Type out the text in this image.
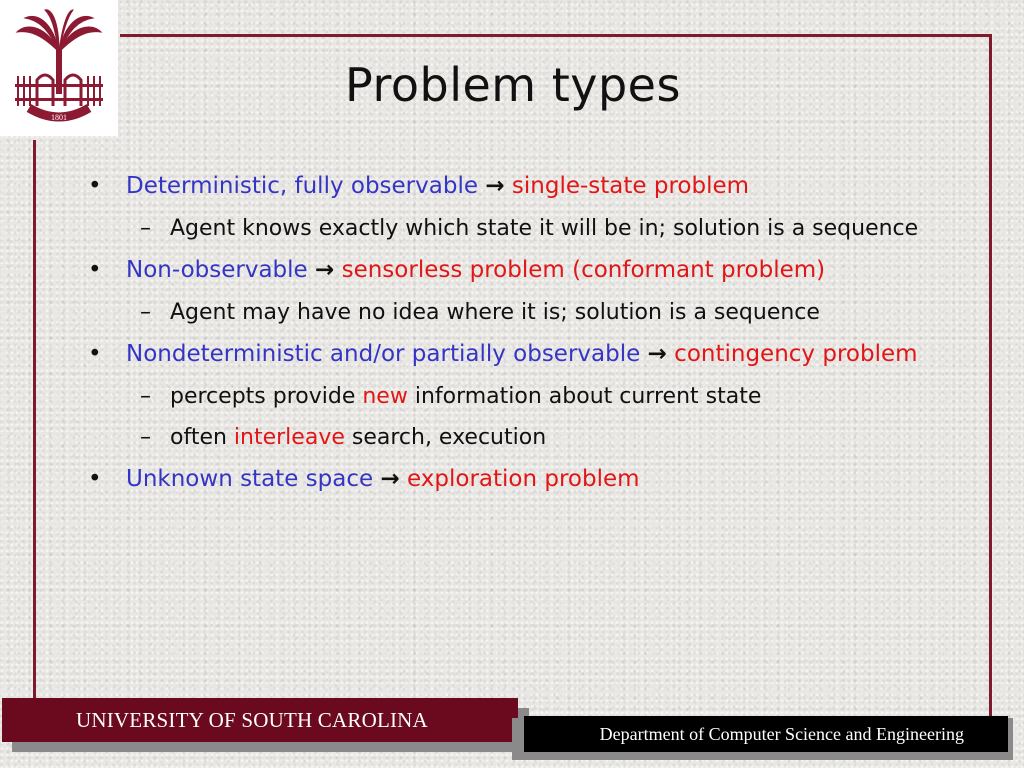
1801
Problem types

• Deterministic, fully observable → single-state problem

– Agent knows exactly which state it will be in; solution is a sequence

• Non-observable → sensorless problem (conformant problem)

– Agent may have no idea where it is; solution is a sequence

• Nondeterministic and/or partially observable → contingency problem

– percepts provide new information about current state

– often interleave search, execution

• Unknown state space → exploration problem

UNIVERSITY OF SOUTH CAROLINA
Department of Computer Science and Engineering
